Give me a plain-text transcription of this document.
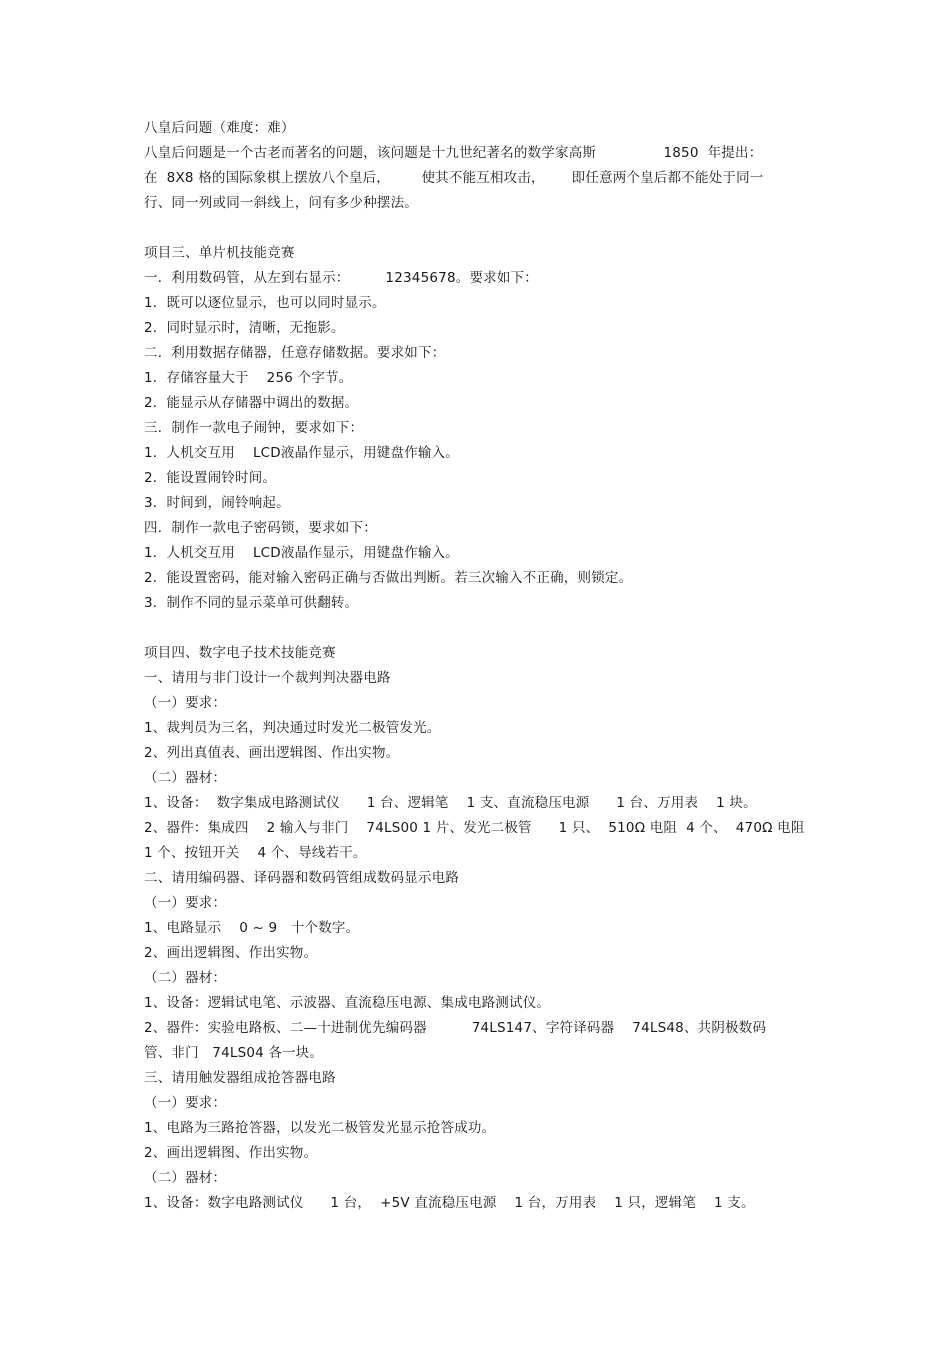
八皇后问题（难度：难）
八皇后问题是一个古老而著名的问题，该问题是十九世纪著名的数学家高斯               1850  年提出：
在  8X8 格的国际象棋上摆放八个皇后，       使其不能互相攻击，      即任意两个皇后都不能处于同一
行、同一列或同一斜线上，问有多少种摆法。
项目三、单片机技能竞赛
一．利用数码管，从左到右显示：        12345678。要求如下：
1．既可以逐位显示，也可以同时显示。
2．同时显示时，清晰，无拖影。
二．利用数据存储器，任意存储数据。要求如下：
1．存储容量大于    256 个字节。
2．能显示从存储器中调出的数据。
三．制作一款电子闹钟，要求如下：
1．人机交互用    LCD液晶作显示，用键盘作输入。
2．能设置闹铃时间。
3．时间到，闹铃响起。
四．制作一款电子密码锁，要求如下：
1．人机交互用    LCD液晶作显示，用键盘作输入。
2．能设置密码，能对输入密码正确与否做出判断。若三次输入不正确，则锁定。
3．制作不同的显示菜单可供翻转。
项目四、数字电子技术技能竞赛
一、请用与非门设计一个裁判判决器电路
（一）要求：
1、裁判员为三名，判决通过时发光二极管发光。
2、列出真值表、画出逻辑图、作出实物。
（二）器材：
1、设备：  数字集成电路测试仪      1 台、逻辑笔    1 支、直流稳压电源      1 台、万用表    1 块。
2、器件：集成四    2 输入与非门    74LS00 1 片、发光二极管      1 只、  510Ω 电阻  4 个、  470Ω 电阻
1 个、按钮开关    4 个、导线若干。
二、请用编码器、译码器和数码管组成数码显示电路
（一）要求：
1、电路显示    0 ~ 9   十个数字。
2、画出逻辑图、作出实物。
（二）器材：
1、设备：逻辑试电笔、示波器、直流稳压电源、集成电路测试仪。
2、器件：实验电路板、二—十进制优先编码器          74LS147、字符译码器    74LS48、共阴极数码
管、非门   74LS04 各一块。
三、请用触发器组成抢答器电路
（一）要求：
1、电路为三路抢答器，以发光二极管发光显示抢答成功。
2、画出逻辑图、作出实物。
（二）器材：
1、设备：数字电路测试仪      1 台，  +5V 直流稳压电源    1 台，万用表    1 只，逻辑笔    1 支。
